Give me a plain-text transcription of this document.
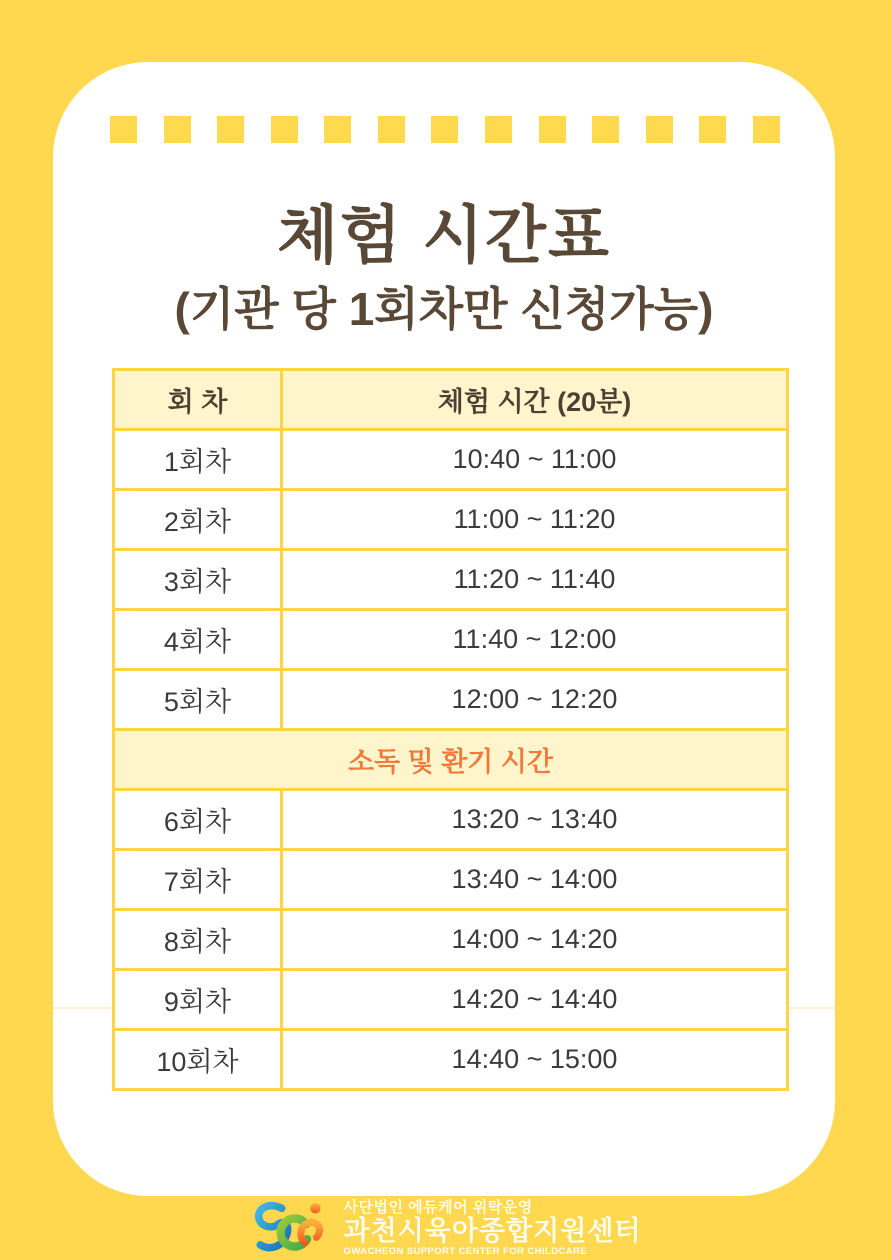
체험 시간표
(기관 당 1회차만 신청가능)
회 차	체험 시간 (20분)
1회차	10:40 ~ 11:00
2회차	11:00 ~ 11:20
3회차	11:20 ~ 11:40
4회차	11:40 ~ 12:00
5회차	12:00 ~ 12:20
소독 및 환기 시간	
6회차	13:20 ~ 13:40
7회차	13:40 ~ 14:00
8회차	14:00 ~ 14:20
9회차	14:20 ~ 14:40
10회차	14:40 ~ 15:00
사단법인 에듀케어 위탁운영
과천시육아종합지원센터
GWACHEON SUPPORT CENTER FOR CHILDCARE
